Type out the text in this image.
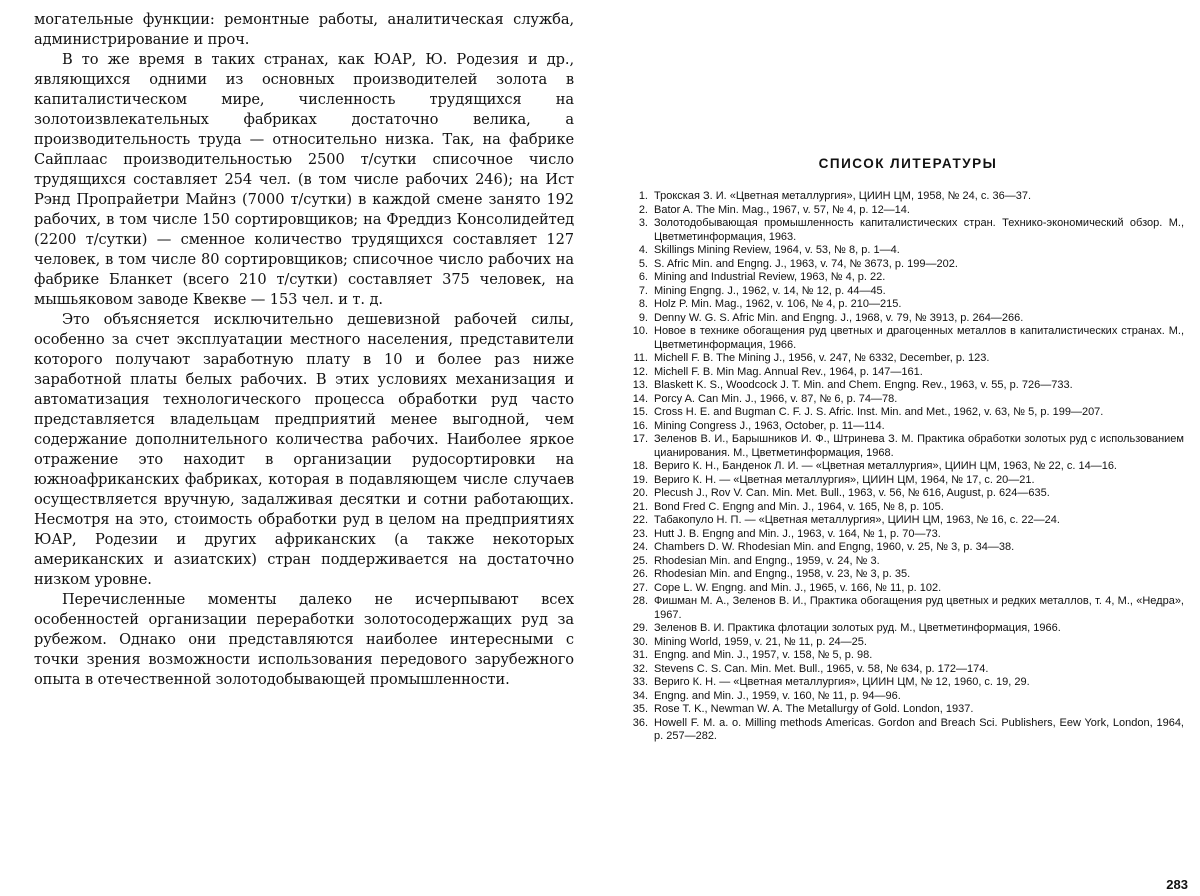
могательные функции: ремонтные работы, аналитическая служба, администрирование и проч.

В то же время в таких странах, как ЮАР, Ю. Родезия и др., являющихся одними из основных производителей золота в капиталистическом мире, численность трудящихся на золотоизвлекательных фабриках достаточно велика, а производительность труда — относительно низка. Так, на фабрике Сайплаас производительностью 2500 т/сутки списочное число трудящихся составляет 254 чел. (в том числе рабочих 246); на Ист Рэнд Пропрайетри Майнз (7000 т/сутки) в каждой смене занято 192 рабочих, в том числе 150 сортировщиков; на Фреддиз Консолидейтед (2200 т/сутки) — сменное количество трудящихся составляет 127 человек, в том числе 80 сортировщиков; списочное число рабочих на фабрике Бланкет (всего 210 т/сутки) составляет 375 человек, на мышьяковом заводе Квекве — 153 чел. и т. д.

Это объясняется исключительно дешевизной рабочей силы, особенно за счет эксплуатации местного населения, представители которого получают заработную плату в 10 и более раз ниже заработной платы белых рабочих. В этих условиях механизация и автоматизация технологического процесса обработки руд часто представляется владельцам предприятий менее выгодной, чем содержание дополнительного количества рабочих. Наиболее яркое отражение это находит в организации рудосортировки на южноафриканских фабриках, которая в подавляющем числе случаев осуществляется вручную, задалживая десятки и сотни работающих. Несмотря на это, стоимость обработки руд в целом на предприятиях ЮАР, Родезии и других африканских (а также некоторых американских и азиатских) стран поддерживается на достаточно низком уровне.

Перечисленные моменты далеко не исчерпывают всех особенностей организации переработки золотосодержащих руд за рубежом. Однако они представляются наиболее интересными с точки зрения возможности использования передового зарубежного опыта в отечественной золотодобывающей промышленности.

СПИСОК ЛИТЕРАТУРЫ
1. Трокская З. И. «Цветная металлургия», ЦИИН ЦМ, 1958, № 24, с. 36—37.
2. Bator A. The Min. Mag., 1967, v. 57, № 4, p. 12—14.
3. Золотодобывающая промышленность капиталистических стран. Технико-экономический обзор. М., Цветметинформация, 1963.
4. Skillings Mining Review, 1964, v. 53, № 8, p. 1—4.
5. S. Afric Min. and Engng. J., 1963, v. 74, № 3673, p. 199—202.
6. Mining and Industrial Review, 1963, № 4, p. 22.
7. Mining Engng. J., 1962, v. 14, № 12, p. 44—45.
8. Holz P. Min. Mag., 1962, v. 106, № 4, p. 210—215.
9. Denny W. G. S. Afric Min. and Engng. J., 1968, v. 79, № 3913, p. 264—266.
10. Новое в технике обогащения руд цветных и драгоценных металлов в капиталистических странах. М., Цветметинформация, 1966.
11. Michell F. B. The Mining J., 1956, v. 247, № 6332, December, p. 123.
12. Michell F. B. Min Mag. Annual Rev., 1964, p. 147—161.
13. Blaskett K. S., Woodcock J. T. Min. and Chem. Engng. Rev., 1963, v. 55, p. 726—733.
14. Porcy A. Can Min. J., 1966, v. 87, № 6, p. 74—78.
15. Cross H. E. and Bugman C. F. J. S. Afric. Inst. Min. and Met., 1962, v. 63, № 5, p. 199—207.
16. Mining Congress J., 1963, October, p. 11—114.
17. Зеленов В. И., Барышников И. Ф., Штринева З. М. Практика обработки золотых руд с использованием цианирования. М., Цветметинформация, 1968.
18. Вериго К. Н., Банденок Л. И. — «Цветная металлургия», ЦИИН ЦМ, 1963, № 22, с. 14—16.
19. Вериго К. Н. — «Цветная металлургия», ЦИИН ЦМ, 1964, № 17, с. 20—21.
20. Plecush J., Rov V. Can. Min. Met. Bull., 1963, v. 56, № 616, August, p. 624—635.
21. Bond Fred C. Engng and Min. J., 1964, v. 165, № 8, p. 105.
22. Табакопуло Н. П. — «Цветная металлургия», ЦИИН ЦМ, 1963, № 16, с. 22—24.
23. Hutt J. B. Engng and Min. J., 1963, v. 164, № 1, p. 70—73.
24. Chambers D. W. Rhodesian Min. and Engng, 1960, v. 25, № 3, p. 34—38.
25. Rhodesian Min. and Engng., 1959, v. 24, № 3.
26. Rhodesian Min. and Engng., 1958, v. 23, № 3, p. 35.
27. Cope L. W. Engng. and Min. J., 1965, v. 166, № 11, p. 102.
28. Фишман М. А., Зеленов В. И., Практика обогащения руд цветных и редких металлов, т. 4, М., «Недра», 1967.
29. Зеленов В. И. Практика флотации золотых руд. М., Цветметинформация, 1966.
30. Mining World, 1959, v. 21, № 11, p. 24—25.
31. Engng. and Min. J., 1957, v. 158, № 5, p. 98.
32. Stevens C. S. Can. Min. Met. Bull., 1965, v. 58, № 634, p. 172—174.
33. Вериго К. Н. — «Цветная металлургия», ЦИИН ЦМ, № 12, 1960, с. 19, 29.
34. Engng. and Min. J., 1959, v. 160, № 11, p. 94—96.
35. Rose T. K., Newman W. A. The Metallurgy of Gold. London, 1937.
36. Howell F. M. a. o. Milling methods Americas. Gordon and Breach Sci. Publishers, Eew York, London, 1964, p. 257—282.
283
